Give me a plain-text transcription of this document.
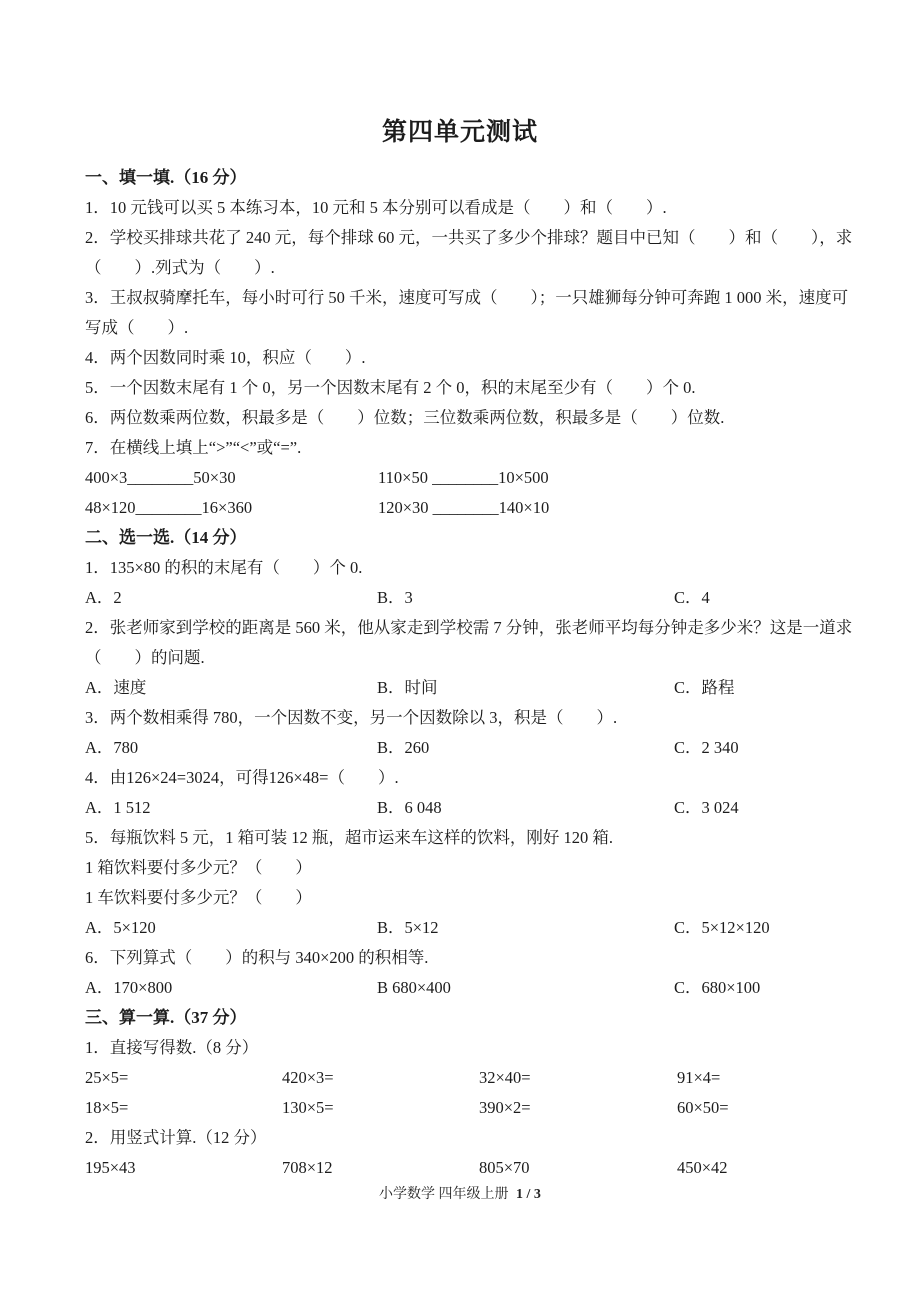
第四单元测试
一、填一填.（16 分）
1．10 元钱可以买 5 本练习本，10 元和 5 本分别可以看成是（　　）和（　　）.
2．学校买排球共花了 240 元，每个排球 60 元，一共买了多少个排球？题目中已知（　　）和（　　），求
（　　）.列式为（　　）.
3．王叔叔骑摩托车，每小时可行 50 千米，速度可写成（　　）；一只雄狮每分钟可奔跑 1 000 米，速度可
写成（　　）.
4．两个因数同时乘 10，积应（　　）.
5．一个因数末尾有 1 个 0，另一个因数末尾有 2 个 0，积的末尾至少有（　　）个 0.
6．两位数乘两位数，积最多是（　　）位数；三位数乘两位数，积最多是（　　）位数.
7．在横线上填上“>”“<”或“=”.
400×3________50×30	110×50 ________10×500
48×120________16×360	120×30 ________140×10
二、选一选.（14 分）
1．135×80 的积的末尾有（　　）个 0.
A．2	B．3	C．4
2．张老师家到学校的距离是 560 米，他从家走到学校需 7 分钟，张老师平均每分钟走多少米？这是一道求
（　　）的问题.
A．速度	B．时间	C．路程
3．两个数相乘得 780，一个因数不变，另一个因数除以 3，积是（　　）.
A．780	B．260	C．2 340
4．由126×24=3024，可得126×48=（　　）.
A．1 512	B．6 048	C．3 024
5．每瓶饮料 5 元，1 箱可装 12 瓶，超市运来车这样的饮料，刚好 120 箱.
1 箱饮料要付多少元？（　　）
1 车饮料要付多少元？（　　）
A．5×120	B．5×12	C．5×12×120
6．下列算式（　　）的积与 340×200 的积相等.
A．170×800	B 680×400	C．680×100
三、算一算.（37 分）
1．直接写得数.（8 分）
25×5=	420×3=	32×40=	91×4=
18×5=	130×5=	390×2=	60×50=
2．用竖式计算.（12 分）
195×43	708×12	805×70	450×42
小学数学 四年级上册 1 / 3
